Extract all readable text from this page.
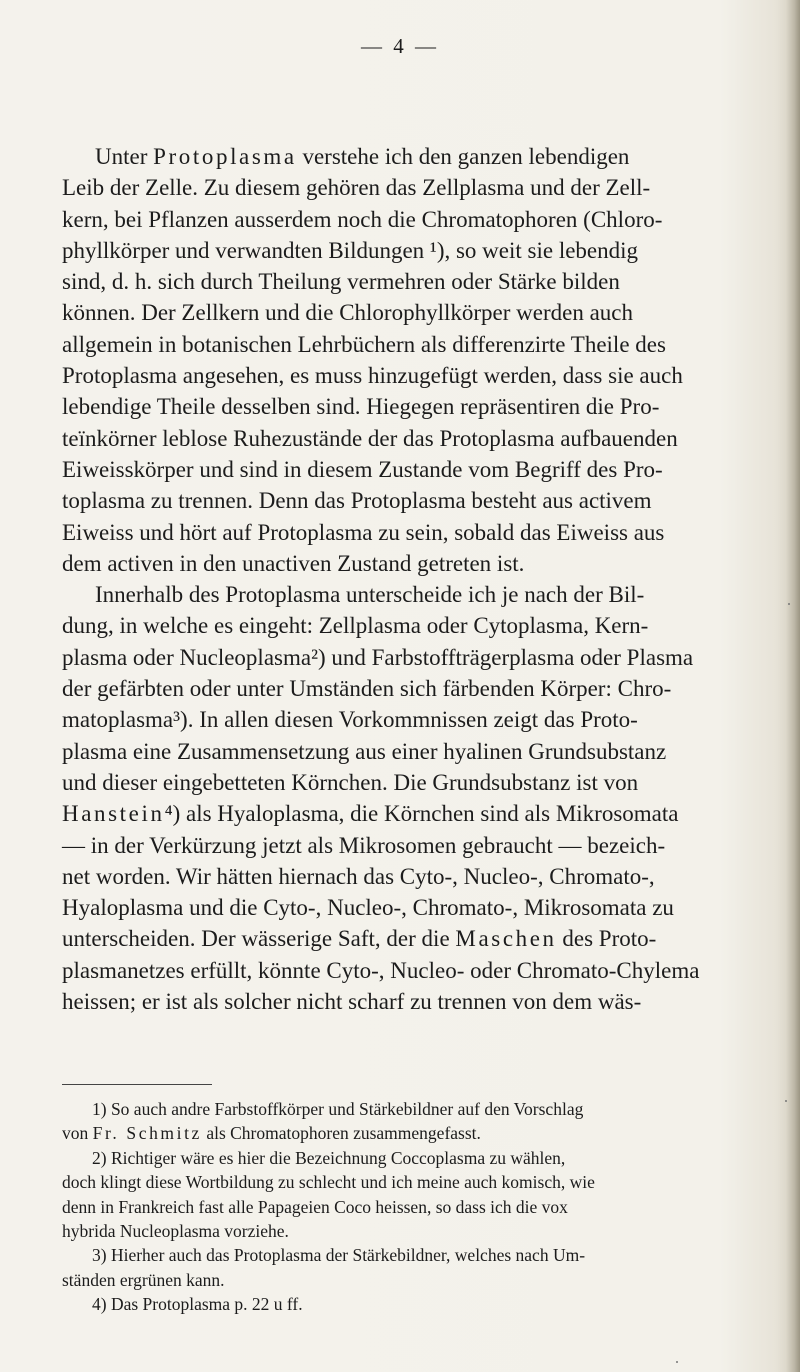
— 4 —
Unter Protoplasma verstehe ich den ganzen lebendigen
Leib der Zelle. Zu diesem gehören das Zellplasma und der Zell-
kern, bei Pflanzen ausserdem noch die Chromatophoren (Chloro-
phyllkörper und verwandten Bildungen ¹), so weit sie lebendig
sind, d. h. sich durch Theilung vermehren oder Stärke bilden
können. Der Zellkern und die Chlorophyllkörper werden auch
allgemein in botanischen Lehrbüchern als differenzirte Theile des
Protoplasma angesehen, es muss hinzugefügt werden, dass sie auch
lebendige Theile desselben sind. Hiegegen repräsentiren die Pro-
teïnkörner leblose Ruhezustände der das Protoplasma aufbauenden
Eiweisskörper und sind in diesem Zustande vom Begriff des Pro-
toplasma zu trennen. Denn das Protoplasma besteht aus activem
Eiweiss und hört auf Protoplasma zu sein, sobald das Eiweiss aus
dem activen in den unactiven Zustand getreten ist.
Innerhalb des Protoplasma unterscheide ich je nach der Bil-
dung, in welche es eingeht: Zellplasma oder Cytoplasma, Kern-
plasma oder Nucleoplasma²) und Farbstoffträgerplasma oder Plasma
der gefärbten oder unter Umständen sich färbenden Körper: Chro-
matoplasma³). In allen diesen Vorkommnissen zeigt das Proto-
plasma eine Zusammensetzung aus einer hyalinen Grundsubstanz
und dieser eingebetteten Körnchen. Die Grundsubstanz ist von
Hanstein⁴) als Hyaloplasma, die Körnchen sind als Mikrosomata
— in der Verkürzung jetzt als Mikrosomen gebraucht — bezeich-
net worden. Wir hätten hiernach das Cyto-, Nucleo-, Chromato-,
Hyaloplasma und die Cyto-, Nucleo-, Chromato-, Mikrosomata zu
unterscheiden. Der wässerige Saft, der die Maschen des Proto-
plasmanetzes erfüllt, könnte Cyto-, Nucleo- oder Chromato-Chylema
heissen; er ist als solcher nicht scharf zu trennen von dem wäs-
1) So auch andre Farbstoffkörper und Stärkebildner auf den Vorschlag
von Fr. Schmitz als Chromatophoren zusammengefasst.
2) Richtiger wäre es hier die Bezeichnung Coccoplasma zu wählen,
doch klingt diese Wortbildung zu schlecht und ich meine auch komisch, wie
denn in Frankreich fast alle Papageien Coco heissen, so dass ich die vox
hybrida Nucleoplasma vorziehe.
3) Hierher auch das Protoplasma der Stärkebildner, welches nach Um-
ständen ergrünen kann.
4) Das Protoplasma p. 22 u ff.
